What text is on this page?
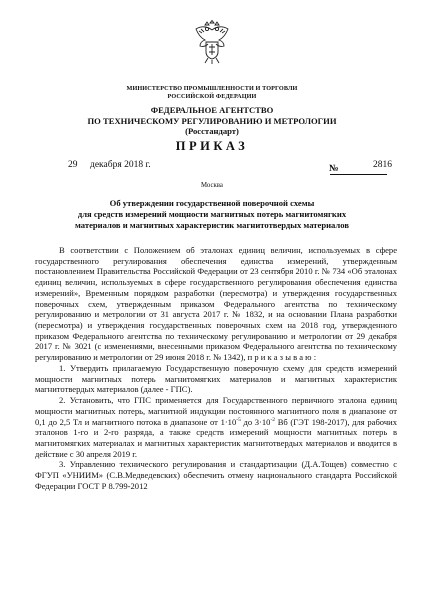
МИНИСТЕРСТВО ПРОМЫШЛЕННОСТИ И ТОРГОВЛИ
РОССИЙСКОЙ ФЕДЕРАЦИИ
ФЕДЕРАЛЬНОЕ АГЕНТСТВО
ПО ТЕХНИЧЕСКОМУ РЕГУЛИРОВАНИЮ И МЕТРОЛОГИИ
(Росстандарт)
ПРИКАЗ
29 декабря 2018 г.	№	2816
Москва
Об утверждении государственной поверочной схемы
для средств измерений мощности магнитных потерь магнитомягких
материалов и магнитных характеристик магнитотвердых материалов

В соответствии с Положением об эталонах единиц величин, используемых в сфере государственного регулирования обеспечения единства измерений, утвержденным постановлением Правительства Российской Федерации от 23 сентября 2010 г. № 734 «Об эталонах единиц величин, используемых в сфере государственного регулирования обеспечения единства измерений», Временным порядком разработки (пересмотра) и утверждения государственных поверочных схем, утвержденным приказом Федерального агентства по техническому регулированию и метрологии от 31 августа 2017 г. № 1832, и на основании Плана разработки (пересмотра) и утверждения государственных поверочных схем на 2018 год, утвержденного приказом Федерального агентства по техническому регулированию и метрологии от 29 декабря 2017 г. № 3021 (с изменениями, внесенными приказом Федерального агентства по техническому регулированию и метрологии от 29 июня 2018 г. № 1342), п р и к а з ы в а ю :

1. Утвердить прилагаемую Государственную поверочную схему для средств измерений мощности магнитных потерь магнитомягких материалов и магнитных характеристик магнитотвердых материалов (далее - ГПС).

2. Установить, что ГПС применяется для Государственного первичного эталона единиц мощности магнитных потерь, магнитной индукции постоянного магнитного поля в диапазоне от 0,1 до 2,5 Тл и магнитного потока в диапазоне от $1\cdot 10^{-5}$ до $3\cdot 10^{-2}$ Вб (ГЭТ 198-2017), для рабочих эталонов 1-го и 2-го разряда, а также средств измерений мощности магнитных потерь в магнитомягких материалах и магнитных характеристик магнитотвердых материалов и вводится в действие с 30 апреля 2019 г.

3. Управлению технического регулирования и стандартизации (Д.А.Тощев) совместно с ФГУП «УНИИМ» (С.В.Медведевских) обеспечить отмену национального стандарта Российской Федерации ГОСТ Р 8.799-2012
